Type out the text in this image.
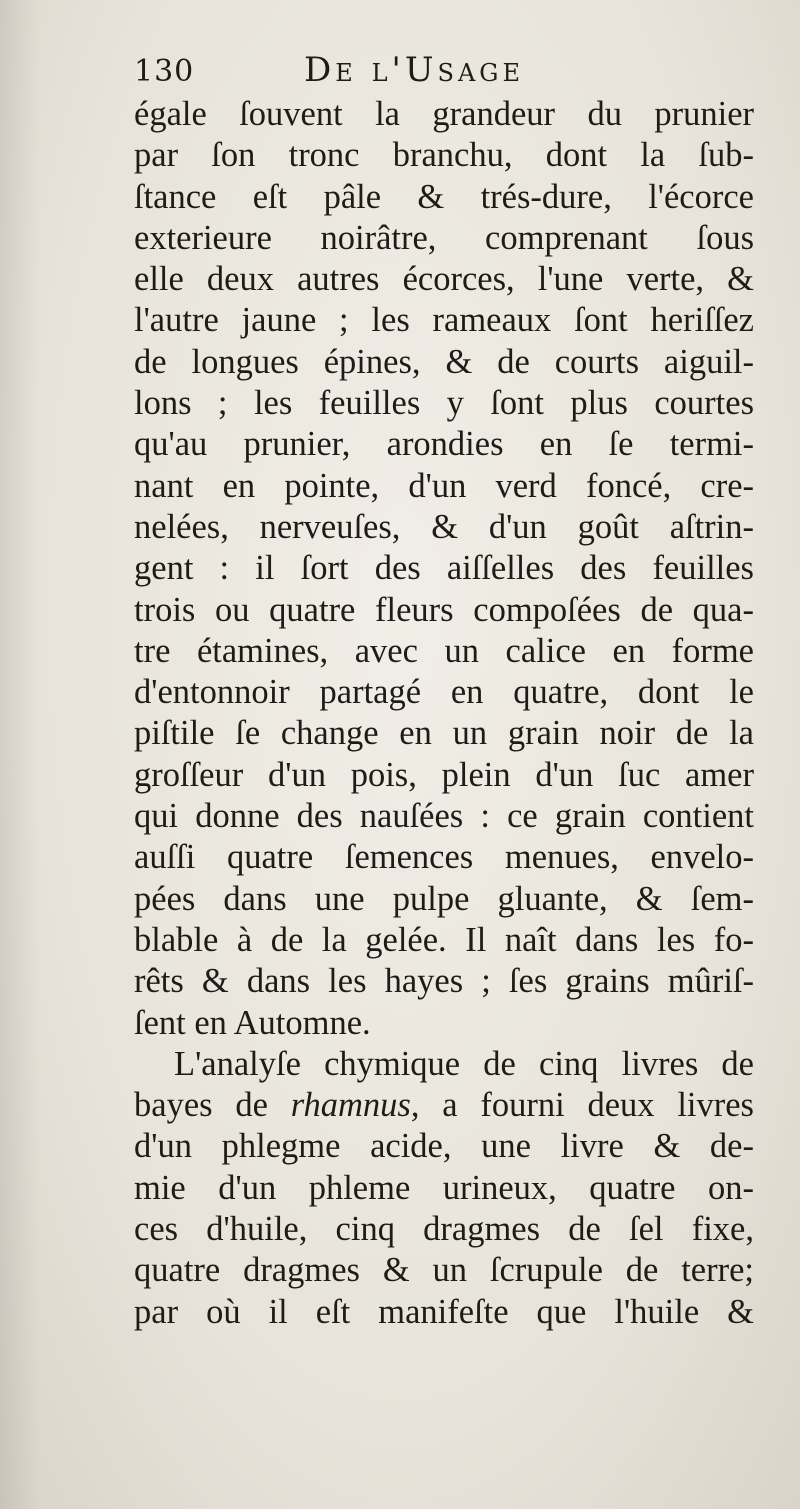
130	De l'Usage
égale ſouvent la grandeur du prunier
par ſon tronc branchu, dont la ſub-
ſtance eſt pâle & trés-dure, l'écorce
exterieure noirâtre, comprenant ſous
elle deux autres écorces, l'une verte, &
l'autre jaune ; les rameaux ſont heriſſez
de longues épines, & de courts aiguil-
lons ; les feuilles y ſont plus courtes
qu'au prunier, arondies en ſe termi-
nant en pointe, d'un verd foncé, cre-
nelées, nerveuſes, & d'un goût aſtrin-
gent : il ſort des aiſſelles des feuilles
trois ou quatre fleurs compoſées de qua-
tre étamines, avec un calice en forme
d'entonnoir partagé en quatre, dont le
piſtile ſe change en un grain noir de la
groſſeur d'un pois, plein d'un ſuc amer
qui donne des nauſées : ce grain contient
auſſi quatre ſemences menues, envelo-
pées dans une pulpe gluante, & ſem-
blable à de la gelée. Il naît dans les fo-
rêts & dans les hayes ; ſes grains mûriſ-
ſent en Automne.
L'analyſe chymique de cinq livres de
bayes de rhamnus, a fourni deux livres
d'un phlegme acide, une livre & de-
mie d'un phleme urineux, quatre on-
ces d'huile, cinq dragmes de ſel fixe,
quatre dragmes & un ſcrupule de terre;
par où il eſt manifeſte que l'huile &
